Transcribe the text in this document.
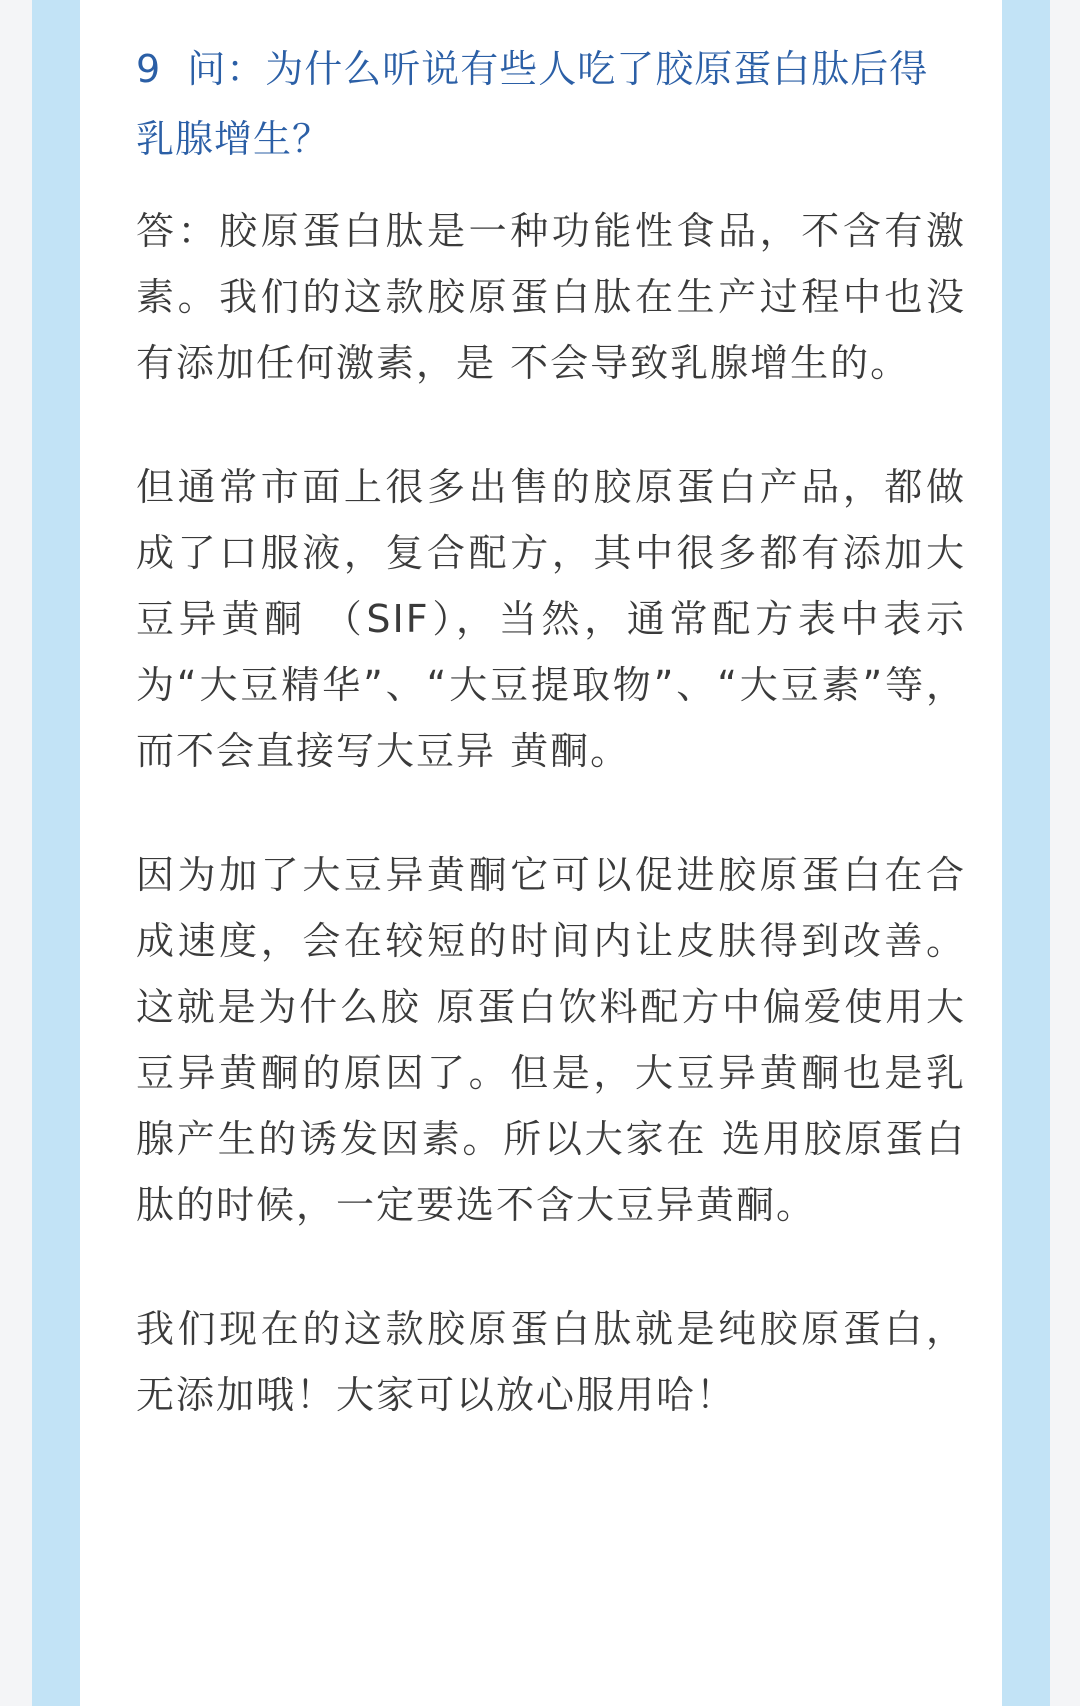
9 问：为什么听说有些人吃了胶原蛋白肽后得乳腺增生？

答：胶原蛋白肽是一种功能性食品，不含有激素。我们的这款胶原蛋白肽在生产过程中也没有添加任何激素，是 不会导致乳腺增生的。

但通常市面上很多出售的胶原蛋白产品，都做成了口服液，复合配方，其中很多都有添加大豆异黄酮 （SIF），当然，通常配方表中表示为“大豆精华”、“大豆提取物”、“大豆素”等，而不会直接写大豆异 黄酮。

因为加了大豆异黄酮它可以促进胶原蛋白在合成速度，会在较短的时间内让皮肤得到改善。这就是为什么胶 原蛋白饮料配方中偏爱使用大豆异黄酮的原因了。但是，大豆异黄酮也是乳腺产生的诱发因素。所以大家在 选用胶原蛋白肽的时候，一定要选不含大豆异黄酮。

我们现在的这款胶原蛋白肽就是纯胶原蛋白，无添加哦！大家可以放心服用哈！
